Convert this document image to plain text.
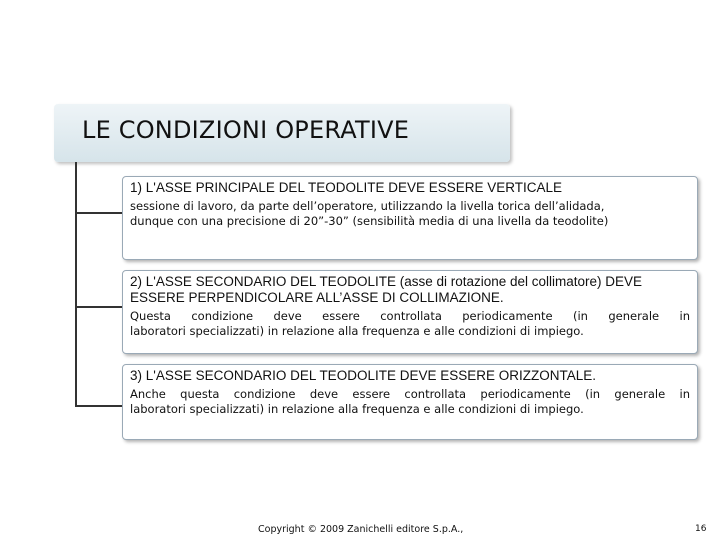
LE CONDIZIONI OPERATIVE
1) L'ASSE PRINCIPALE DEL TEODOLITE DEVE ESSERE VERTICALE
sessione di lavoro, da parte dell’operatore, utilizzando la livella torica dell’alidada,
dunque con una precisione di 20”-30” (sensibilità media di una livella da teodolite)
2) L'ASSE SECONDARIO DEL TEODOLITE (asse di rotazione del collimatore) DEVE
ESSERE PERPENDICOLARE ALL’ASSE DI COLLIMAZIONE.
Questa condizione deve essere controllata periodicamente (in generale in
laboratori specializzati) in relazione alla frequenza e alle condizioni di impiego.
3) L'ASSE SECONDARIO DEL TEODOLITE DEVE ESSERE ORIZZONTALE.
Anche questa condizione deve essere controllata periodicamente (in generale in
laboratori specializzati) in relazione alla frequenza e alle condizioni di impiego.
Copyright © 2009 Zanichelli editore S.p.A.,	16
